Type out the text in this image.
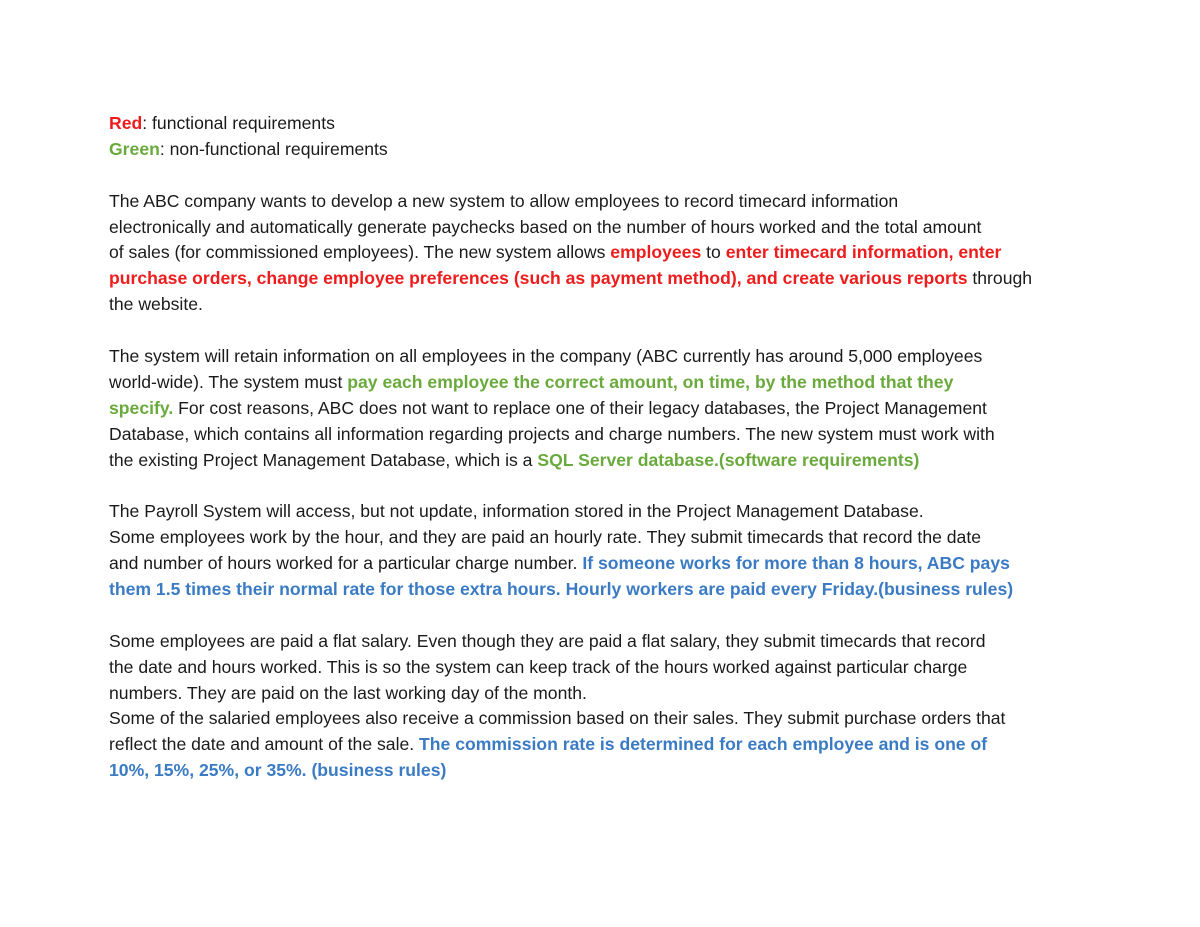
Red: functional requirements
Green: non-functional requirements
The ABC company wants to develop a new system to allow employees to record timecard information
electronically and automatically generate paychecks based on the number of hours worked and the total amount
of sales (for commissioned employees). The new system allows employees to enter timecard information, enter
purchase orders, change employee preferences (such as payment method), and create various reports through
the website.
The system will retain information on all employees in the company (ABC currently has around 5,000 employees
world-wide). The system must pay each employee the correct amount, on time, by the method that they
specify. For cost reasons, ABC does not want to replace one of their legacy databases, the Project Management
Database, which contains all information regarding projects and charge numbers. The new system must work with
the existing Project Management Database, which is a SQL Server database.(software requirements)
The Payroll System will access, but not update, information stored in the Project Management Database.
Some employees work by the hour, and they are paid an hourly rate. They submit timecards that record the date
and number of hours worked for a particular charge number. If someone works for more than 8 hours, ABC pays
them 1.5 times their normal rate for those extra hours. Hourly workers are paid every Friday.(business rules)
Some employees are paid a flat salary. Even though they are paid a flat salary, they submit timecards that record
the date and hours worked. This is so the system can keep track of the hours worked against particular charge
numbers. They are paid on the last working day of the month.
Some of the salaried employees also receive a commission based on their sales. They submit purchase orders that
reflect the date and amount of the sale. The commission rate is determined for each employee and is one of
10%, 15%, 25%, or 35%. (business rules)
